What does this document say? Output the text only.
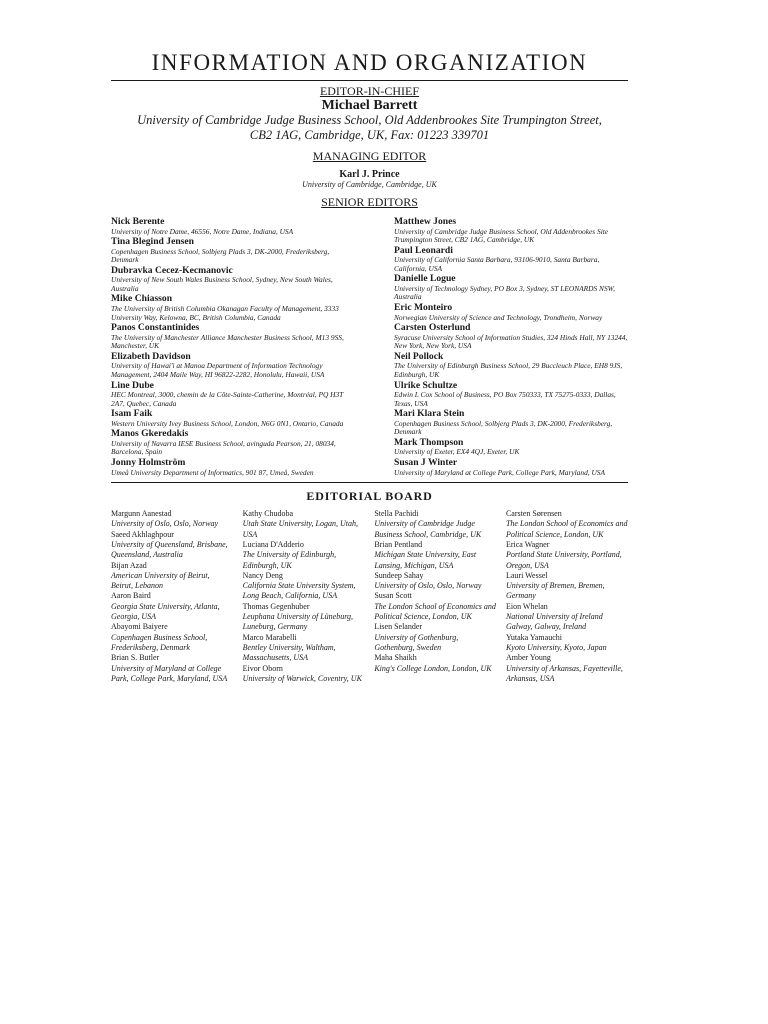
INFORMATION AND ORGANIZATION
EDITOR-IN-CHIEF
Michael Barrett
University of Cambridge Judge Business School, Old Addenbrookes Site Trumpington Street,
CB2 1AG, Cambridge, UK, Fax: 01223 339701
MANAGING EDITOR
Karl J. Prince
University of Cambridge, Cambridge, UK
SENIOR EDITORS
Nick Berente
University of Notre Dame, 46556, Notre Dame, Indiana, USA
Tina Blegind Jensen
Copenhagen Business School, Solbjerg Plads 3, DK-2000, Frederiksberg, Denmark
Dubravka Cecez-Kecmanovic
University of New South Wales Business School, Sydney, New South Wales, Australia
Mike Chiasson
The University of British Columbia Okanagan Faculty of Management, 3333 University Way, Kelowna, BC, British Columbia, Canada
Panos Constantinides
The University of Manchester Alliance Manchester Business School, M13 9SS, Manchester, UK
Elizabeth Davidson
University of Hawai'i at Manoa Department of Information Technology Management, 2404 Maile Way, HI 96822-2282, Honolulu, Hawaii, USA
Line Dube
HEC Montreal, 3000, chemin de la Côte-Sainte-Catherine, Montréal, PQ H3T 2A7, Quebec, Canada
Isam Faik
Western University Ivey Business School, London, N6G 0N1, Ontario, Canada
Manos Gkeredakis
University of Navarra IESE Business School, avinguda Pearson, 21, 08034, Barcelona, Spain
Jonny Holmström
Umeå University Department of Informatics, 901 87, Umeå, Sweden
Matthew Jones
University of Cambridge Judge Business School, Old Addenbrookes Site Trumpington Street, CB2 1AG, Cambridge, UK
Paul Leonardi
University of California Santa Barbara, 93106-9010, Santa Barbara, California, USA
Danielle Logue
University of Technology Sydney, PO Box 3, Sydney, ST LEONARDS NSW, Australia
Eric Monteiro
Norwegian University of Science and Technology, Trondheim, Norway
Carsten Osterlund
Syracuse University School of Information Studies, 324 Hinds Hall, NY 13244, New York, New York, USA
Neil Pollock
The University of Edinburgh Business School, 29 Buccleuch Place, EH8 9JS, Edinburgh, UK
Ulrike Schultze
Edwin L Cox School of Business, PO Box 750333, TX 75275-0333, Dallas, Texas, USA
Mari Klara Stein
Copenhagen Business School, Solbjerg Plads 3, DK-2000, Frederiksberg, Denmark
Mark Thompson
University of Exeter, EX4 4QJ, Exeter, UK
Susan J Winter
University of Maryland at College Park, College Park, Maryland, USA
EDITORIAL BOARD
Margunn Aanestad
University of Oslo, Oslo, Norway
Saeed Akhlaghpour
University of Queensland, Brisbane, Queensland, Australia
Bijan Azad
American University of Beirut, Beirut, Lebanon
Aaron Baird
Georgia State University, Atlanta, Georgia, USA
Abayomi Baiyere
Copenhagen Business School, Frederiksberg, Denmark
Brian S. Butler
University of Maryland at College Park, College Park, Maryland, USA
Kathy Chudoba
Utah State University, Logan, Utah, USA
Luciana D'Adderio
The University of Edinburgh, Edinburgh, UK
Nancy Deng
California State University System, Long Beach, California, USA
Thomas Gegenhuber
Leuphana University of Lüneburg, Luneburg, Germany
Marco Marabelli
Bentley University, Waltham, Massachusetts, USA
Eivor Oborn
University of Warwick, Coventry, UK
Stella Pachidi
University of Cambridge Judge Business School, Cambridge, UK
Brian Pentland
Michigan State University, East Lansing, Michigan, USA
Sundeep Sahay
University of Oslo, Oslo, Norway
Susan Scott
The London School of Economics and Political Science, London, UK
Lisen Selander
University of Gothenburg, Gothenburg, Sweden
Maha Shaikh
King's College London, London, UK
Carsten Sørensen
The London School of Economics and Political Science, London, UK
Erica Wagner
Portland State University, Portland, Oregon, USA
Lauri Wessel
University of Bremen, Bremen, Germany
Eion Whelan
National University of Ireland Galway, Galway, Ireland
Yutaka Yamauchi
Kyoto University, Kyoto, Japan
Amber Young
University of Arkansas, Fayetteville, Arkansas, USA
